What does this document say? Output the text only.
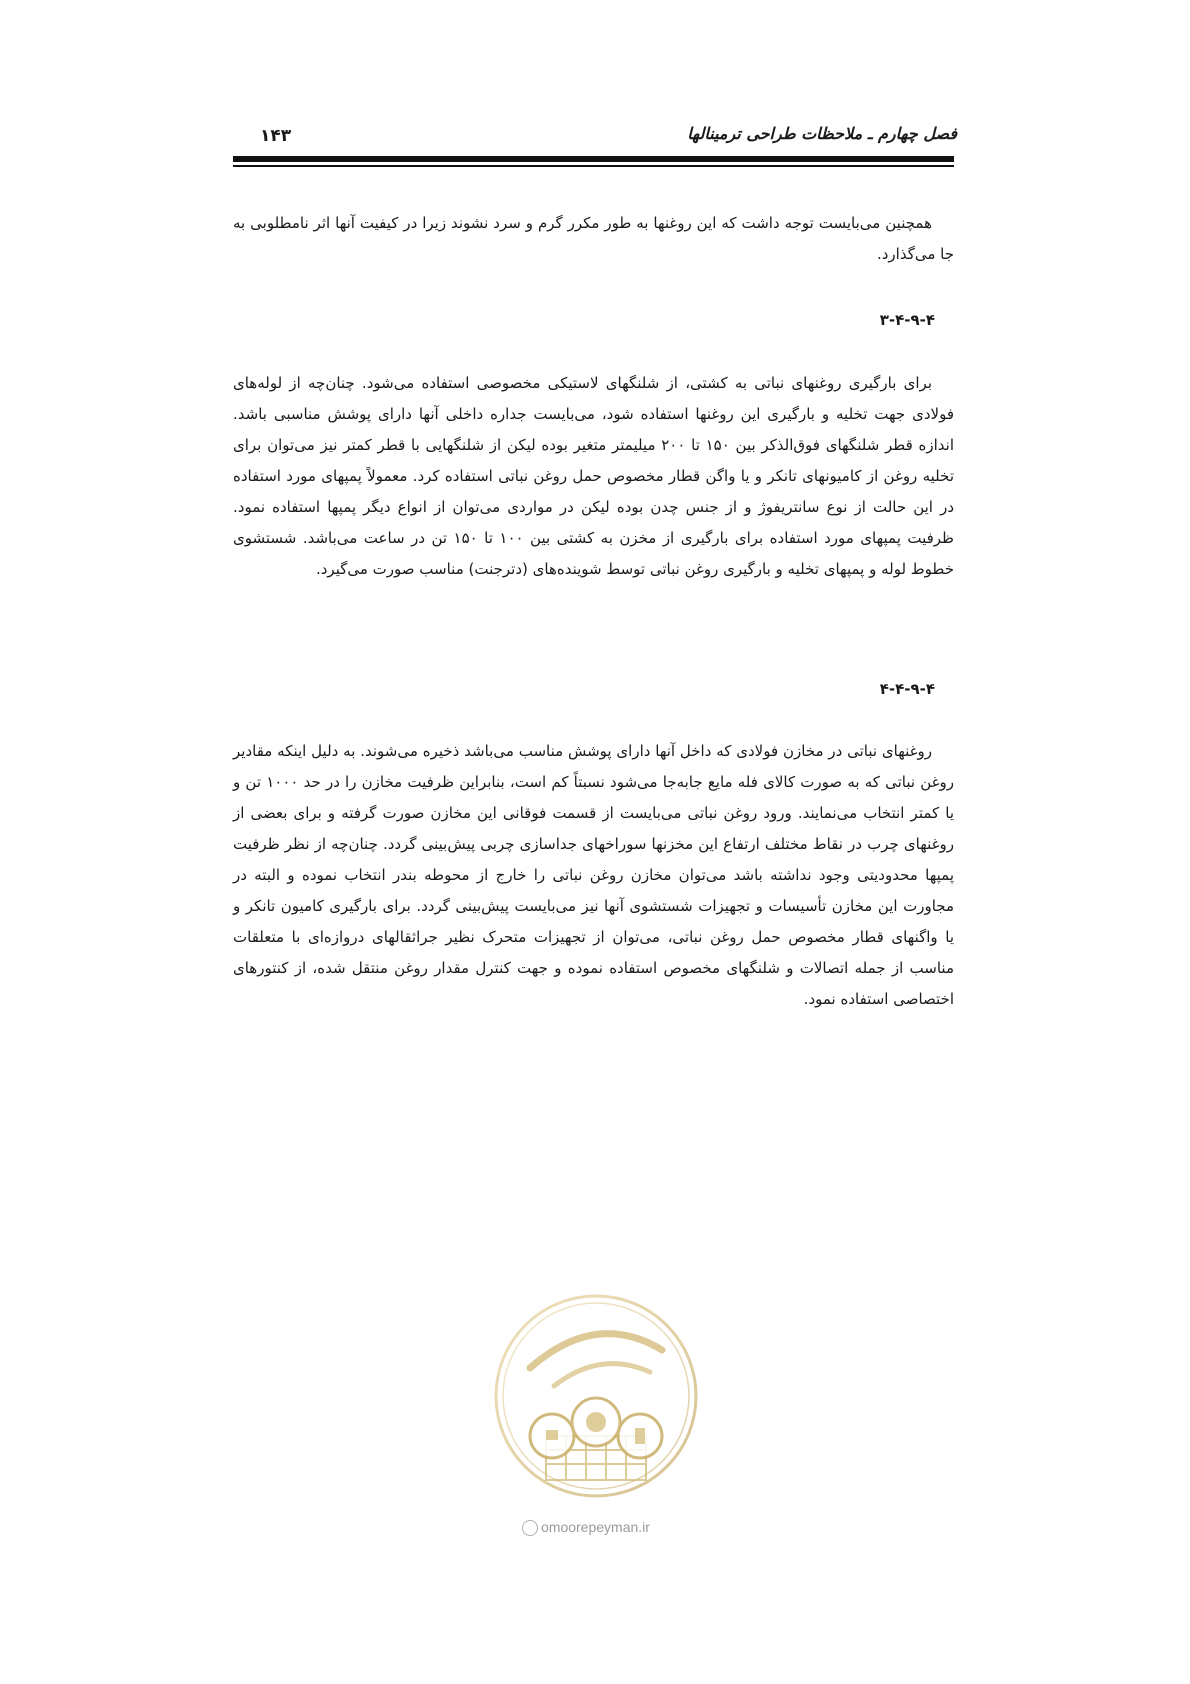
فصل چهارم ـ ملاحظات طراحی ترمینالها
۱۴۳

همچنین می‌بایست توجه داشت که این روغنها به طور مکرر گرم و سرد نشوند زیرا در کیفیت آنها اثر نامطلوبی به جا می‌گذارد.

۳-۴-۹-۴

برای بارگیری روغنهای نباتی به کشتی، از شلنگهای لاستیکی مخصوصی استفاده می‌شود. چنان‌چه از لوله‌های فولادی جهت تخلیه و بارگیری این روغنها استفاده شود، می‌بایست جداره داخلی آنها دارای پوشش مناسبی باشد. اندازه قطر شلنگهای فوق‌الذکر بین ۱۵۰ تا ۲۰۰ میلیمتر متغیر بوده لیکن از شلنگهایی با قطر کمتر نیز می‌توان برای تخلیه روغن از کامیونهای تانکر و یا واگن قطار مخصوص حمل روغن نباتی استفاده کرد. معمولاً پمپهای مورد استفاده در این حالت از نوع سانتریفوژ و از جنس چدن بوده لیکن در مواردی می‌توان از انواع دیگر پمپها استفاده نمود. ظرفیت پمپهای مورد استفاده برای بارگیری از مخزن به کشتی بین ۱۰۰ تا ۱۵۰ تن در ساعت می‌باشد. شستشوی خطوط لوله و پمپهای تخلیه و بارگیری روغن نباتی توسط شوینده‌های (دترجنت) مناسب صورت می‌گیرد.

۴-۴-۹-۴

روغنهای نباتی در مخازن فولادی که داخل آنها دارای پوشش مناسب می‌باشد ذخیره می‌شوند. به دلیل اینکه مقادیر روغن نباتی که به صورت کالای فله مایع جابه‌جا می‌شود نسبتاً کم است، بنابراین ظرفیت مخازن را در حد ۱۰۰۰ تن و یا کمتر انتخاب می‌نمایند. ورود روغن نباتی می‌بایست از قسمت فوقانی این مخازن صورت گرفته و برای بعضی از روغنهای چرب در نقاط مختلف ارتفاع این مخزنها سوراخهای جداسازی چربی پیش‌بینی گردد. چنان‌چه از نظر ظرفیت پمپها محدودیتی وجود نداشته باشد می‌توان مخازن روغن نباتی را خارج از محوطه بندر انتخاب نموده و البته در مجاورت این مخازن تأسیسات و تجهیزات شستشوی آنها نیز می‌بایست پیش‌بینی گردد. برای بارگیری کامیون تانکر و یا واگنهای قطار مخصوص حمل روغن نباتی، می‌توان از تجهیزات متحرک نظیر جراثقالهای دروازه‌ای با متعلقات مناسب از جمله اتصالات و شلنگهای مخصوص استفاده نموده و جهت کنترل مقدار روغن منتقل شده، از کنتورهای اختصاصی استفاده نمود.

omoorepeyman.ir
